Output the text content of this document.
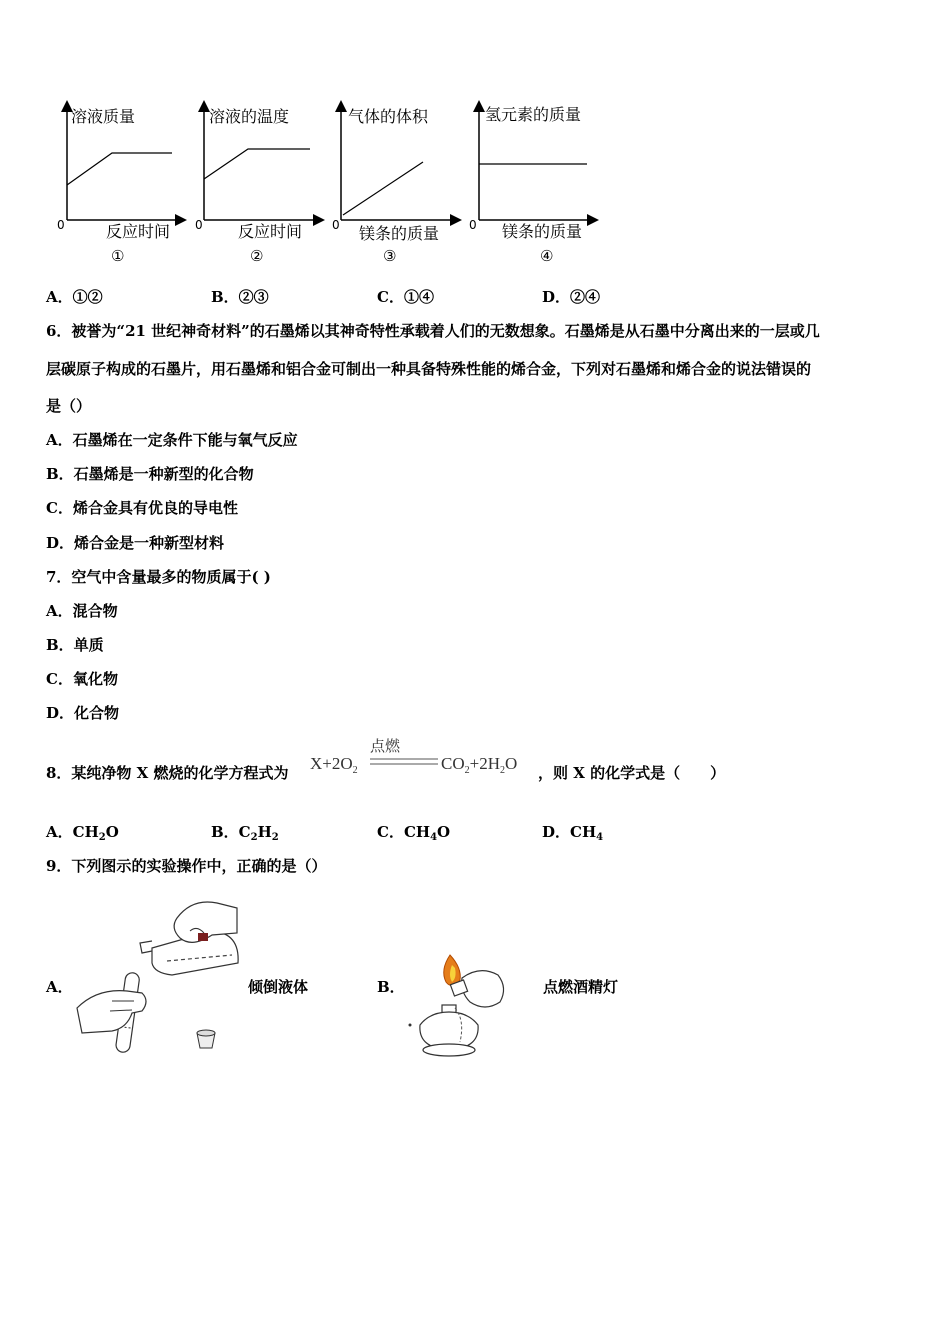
溶液质量	溶液的温度	气体的体积	氢元素的质量
0	0	0	0
反应时间	反应时间	镁条的质量	镁条的质量
①	②	③	④
A．①②	B．②③	C．①④	D．②④
6．被誉为“21 世纪神奇材料”的石墨烯以其神奇特性承载着人们的无数想象。石墨烯是从石墨中分离出来的一层或几
层碳原子构成的石墨片，用石墨烯和铝合金可制出一种具备特殊性能的烯合金，下列对石墨烯和烯合金的说法错误的
是（）
A．石墨烯在一定条件下能与氧气反应
B．石墨烯是一种新型的化合物
C．烯合金具有优良的导电性
D．烯合金是一种新型材料
7．空气中含量最多的物质属于( )
A．混合物
B．单质
C．氧化物
D．化合物
8．某纯净物 X 燃烧的化学方程式为
点燃
$X+2O_2$	$CO_2+2H_2O$ ，则 X 的化学式是（　　）
A．$CH_2O$	B．$C_2H_2$	C．$CH_4O$	D．$CH_4$
9．下列图示的实验操作中，正确的是（）
A．	倾倒液体	B．	点燃酒精灯
